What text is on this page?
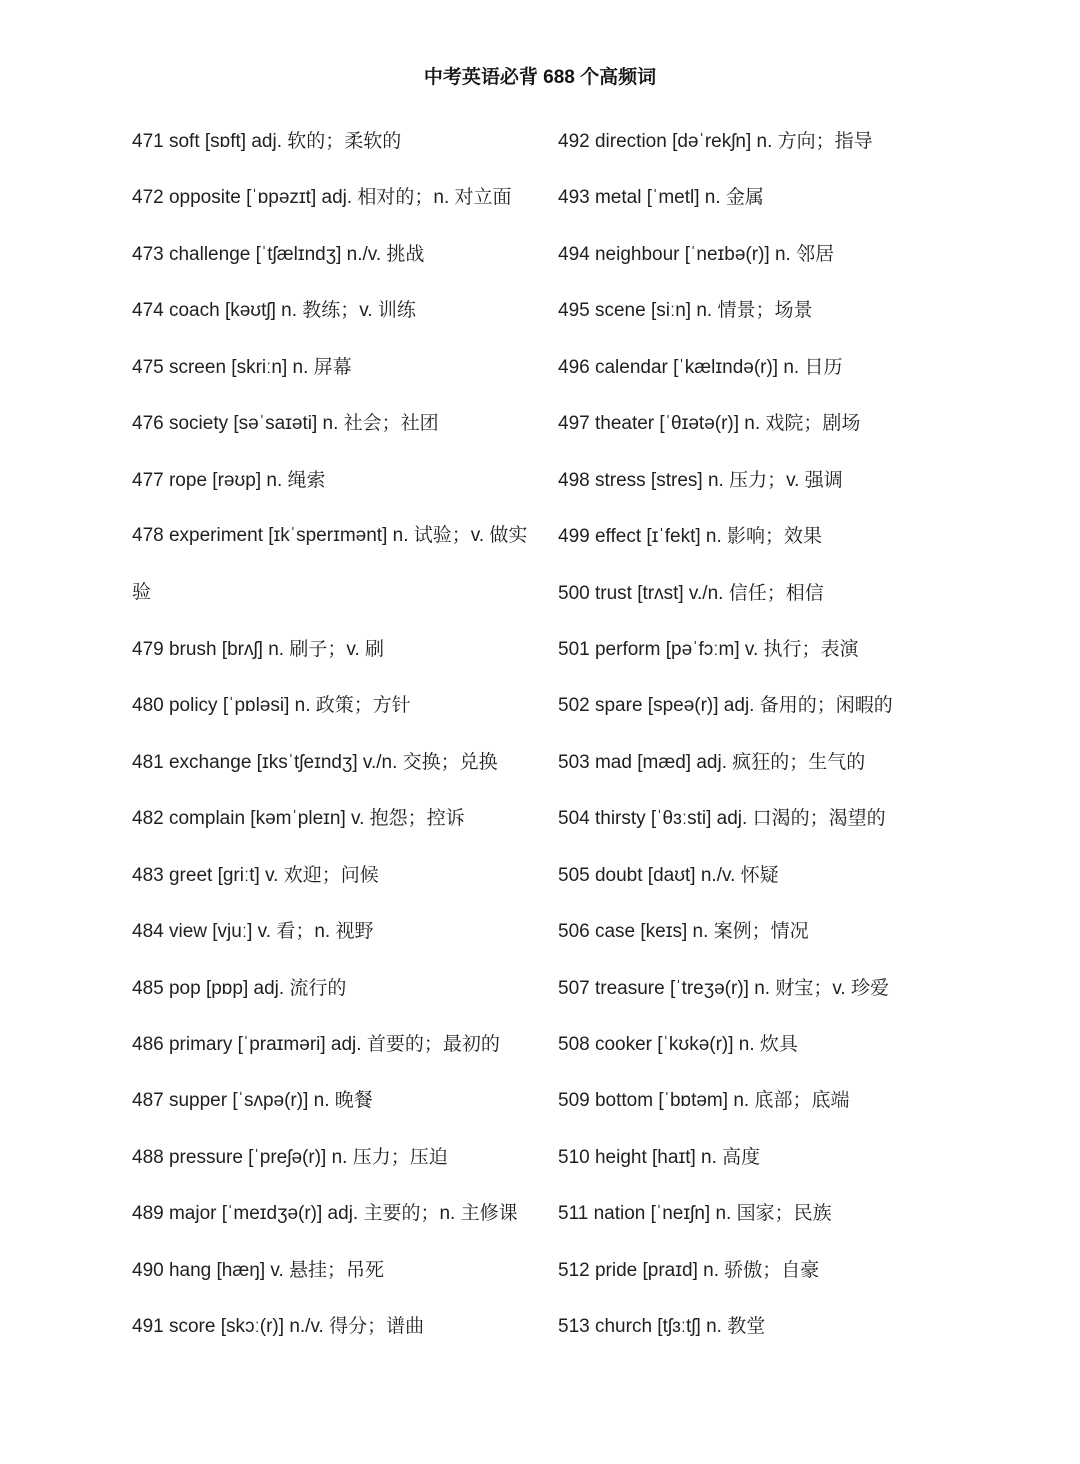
中考英语必背 688 个高频词
471 soft [sɒft] adj. 软的；柔软的
472 opposite [ˈɒpəzɪt] adj. 相对的；n. 对立面
473 challenge [ˈtʃælɪndʒ] n./v. 挑战
474 coach [kəʊtʃ] n. 教练；v. 训练
475 screen [skriːn] n. 屏幕
476 society [səˈsaɪəti] n. 社会；社团
477 rope [rəʊp] n. 绳索
478 experiment [ɪkˈsperɪmənt] n. 试验；v. 做实验
479 brush [brʌʃ] n. 刷子；v. 刷
480 policy [ˈpɒləsi] n. 政策；方针
481 exchange [ɪksˈtʃeɪndʒ] v./n. 交换；兑换
482 complain [kəmˈpleɪn] v. 抱怨；控诉
483 greet [griːt] v. 欢迎；问候
484 view [vjuː] v. 看；n. 视野
485 pop [pɒp] adj. 流行的
486 primary [ˈpraɪməri] adj. 首要的；最初的
487 supper [ˈsʌpə(r)] n. 晚餐
488 pressure [ˈpreʃə(r)] n. 压力；压迫
489 major [ˈmeɪdʒə(r)] adj. 主要的；n. 主修课
490 hang [hæŋ] v. 悬挂；吊死
491 score [skɔː(r)] n./v. 得分；谱曲
492 direction [dəˈrekʃn] n. 方向；指导
493 metal [ˈmetl] n. 金属
494 neighbour [ˈneɪbə(r)] n. 邻居
495 scene [siːn] n. 情景；场景
496 calendar [ˈkælɪndə(r)] n. 日历
497 theater [ˈθɪətə(r)] n. 戏院；剧场
498 stress [stres] n. 压力；v. 强调
499 effect [ɪˈfekt] n. 影响；效果
500 trust [trʌst] v./n. 信任；相信
501 perform [pəˈfɔːm] v. 执行；表演
502 spare [speə(r)] adj. 备用的；闲暇的
503 mad [mæd] adj. 疯狂的；生气的
504 thirsty [ˈθɜːsti] adj. 口渴的；渴望的
505 doubt [daʊt] n./v. 怀疑
506 case [keɪs] n. 案例；情况
507 treasure [ˈtreʒə(r)] n. 财宝；v. 珍爱
508 cooker [ˈkʊkə(r)] n. 炊具
509 bottom [ˈbɒtəm] n. 底部；底端
510 height [haɪt] n. 高度
511 nation [ˈneɪʃn] n. 国家；民族
512 pride [praɪd] n. 骄傲；自豪
513 church [tʃɜːtʃ] n. 教堂
